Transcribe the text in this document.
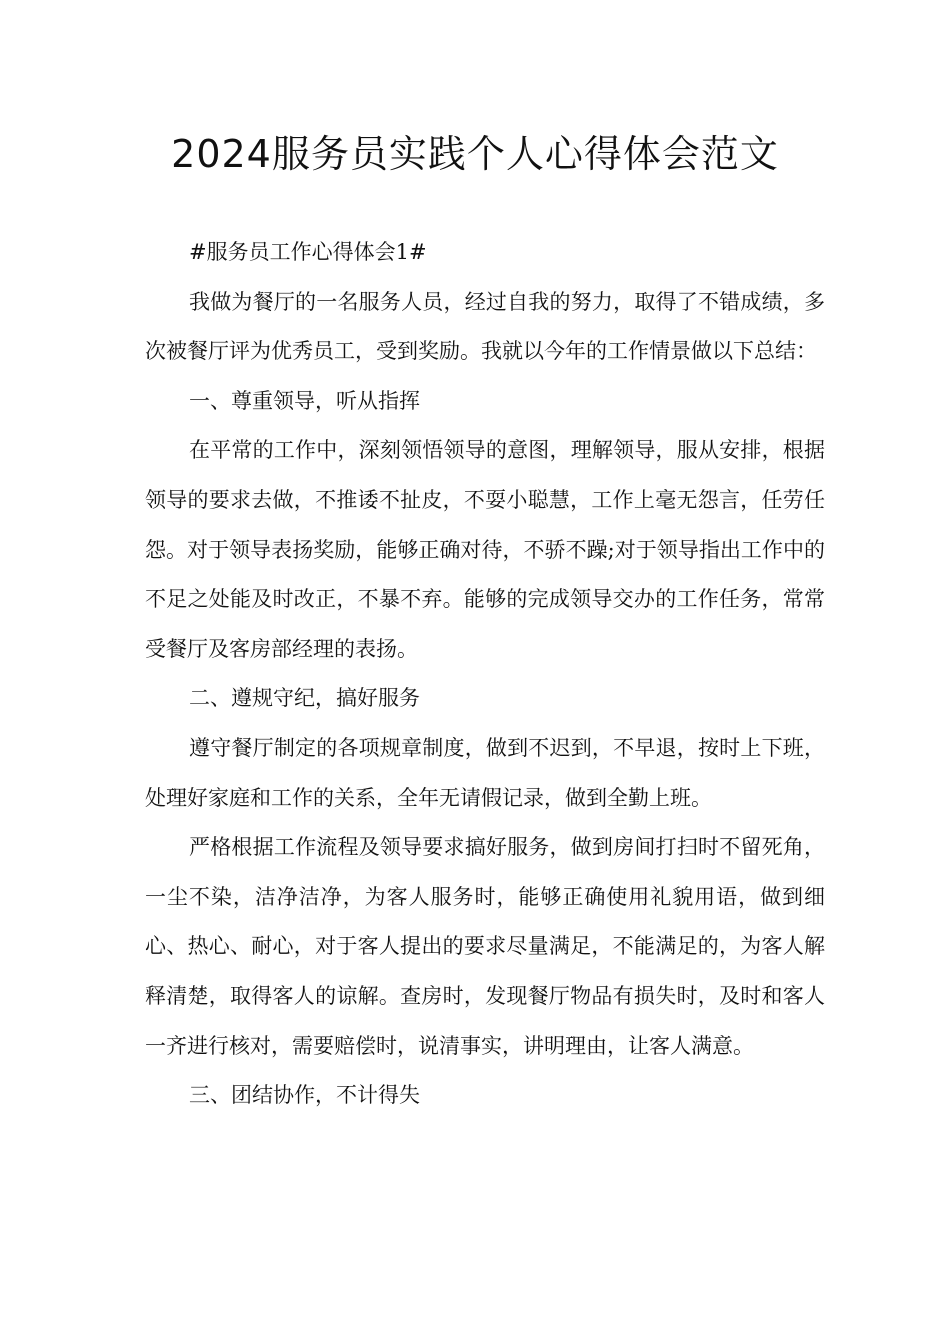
2024服务员实践个人心得体会范文

#服务员工作心得体会1#

我做为餐厅的一名服务人员，经过自我的努力，取得了不错成绩，多次被餐厅评为优秀员工，受到奖励。我就以今年的工作情景做以下总结：

一、尊重领导，听从指挥

在平常的工作中，深刻领悟领导的意图，理解领导，服从安排，根据领导的要求去做，不推诿不扯皮，不耍小聪慧，工作上毫无怨言，任劳任怨。对于领导表扬奖励，能够正确对待，不骄不躁;对于领导指出工作中的不足之处能及时改正，不暴不弃。能够的完成领导交办的工作任务，常常受餐厅及客房部经理的表扬。

二、遵规守纪，搞好服务

遵守餐厅制定的各项规章制度，做到不迟到，不早退，按时上下班，处理好家庭和工作的关系，全年无请假记录，做到全勤上班。

严格根据工作流程及领导要求搞好服务，做到房间打扫时不留死角，一尘不染，洁净洁净，为客人服务时，能够正确使用礼貌用语，做到细心、热心、耐心，对于客人提出的要求尽量满足，不能满足的，为客人解释清楚，取得客人的谅解。查房时，发现餐厅物品有损失时，及时和客人一齐进行核对，需要赔偿时，说清事实，讲明理由，让客人满意。

三、团结协作，不计得失
